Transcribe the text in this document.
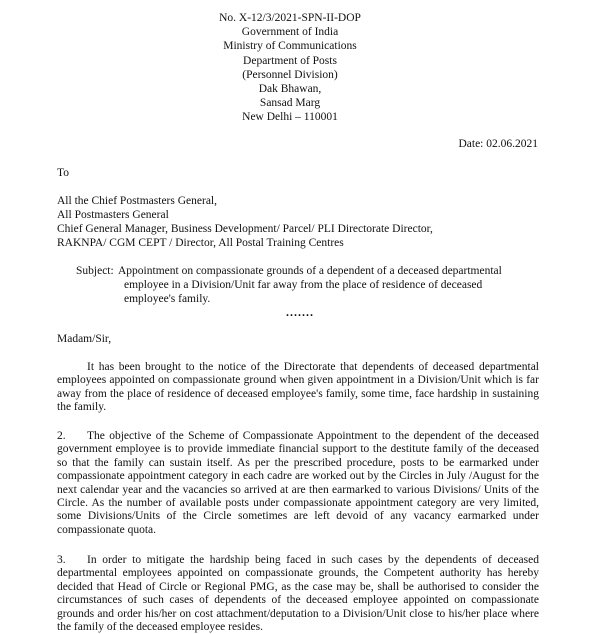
No. X-12/3/2021-SPN-II-DOP
Government of India
Ministry of Communications
Department of Posts
(Personnel Division)
Dak Bhawan,
Sansad Marg
New Delhi – 110001
Date: 02.06.2021
To
All the Chief Postmasters General,
All Postmasters General
Chief General Manager, Business Development/ Parcel/ PLI Directorate Director,
RAKNPA/ CGM CEPT / Director, All Postal Training Centres
Subject: Appointment on compassionate grounds of a dependent of a deceased departmental employee in a Division/Unit far away from the place of residence of deceased employee's family.
.......
Madam/Sir,
It has been brought to the notice of the Directorate that dependents of deceased departmental employees appointed on compassionate ground when given appointment in a Division/Unit which is far away from the place of residence of deceased employee's family, some time, face hardship in sustaining the family.
2. The objective of the Scheme of Compassionate Appointment to the dependent of the deceased government employee is to provide immediate financial support to the destitute family of the deceased so that the family can sustain itself. As per the prescribed procedure, posts to be earmarked under compassionate appointment category in each cadre are worked out by the Circles in July /August for the next calendar year and the vacancies so arrived at are then earmarked to various Divisions/ Units of the Circle. As the number of available posts under compassionate appointment category are very limited, some Divisions/Units of the Circle sometimes are left devoid of any vacancy earmarked under compassionate quota.
3. In order to mitigate the hardship being faced in such cases by the dependents of deceased departmental employees appointed on compassionate grounds, the Competent authority has hereby decided that Head of Circle or Regional PMG, as the case may be, shall be authorised to consider the circumstances of such cases of dependents of the deceased employee appointed on compassionate grounds and order his/her on cost attachment/deputation to a Division/Unit close to his/her place where the family of the deceased employee resides.
